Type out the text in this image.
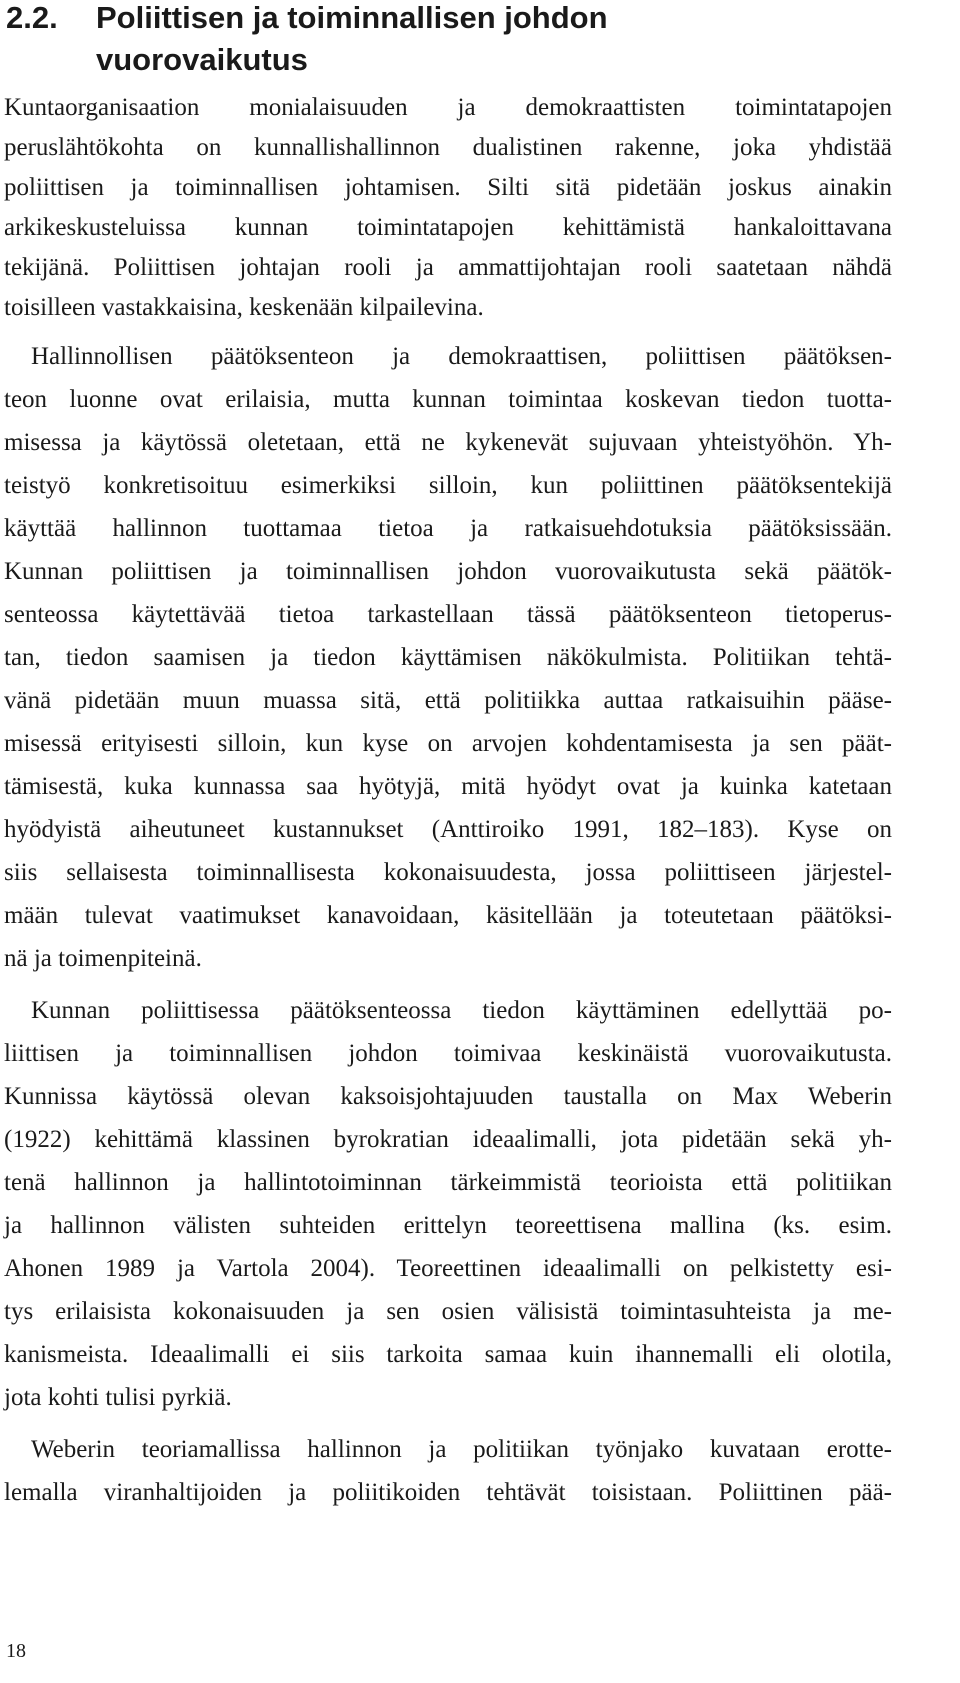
2.2. Poliittisen ja toiminnallisen johdon
vuorovaikutus
Kuntaorganisaation monialaisuuden ja demokraattisten toimintatapojen
peruslähtökohta on kunnallishallinnon dualistinen rakenne, joka yhdistää
poliittisen ja toiminnallisen johtamisen. Silti sitä pidetään joskus ainakin
arkikeskusteluissa kunnan toimintatapojen kehittämistä hankaloittavana
tekijänä. Poliittisen johtajan rooli ja ammattijohtajan rooli saatetaan nähdä
toisilleen vastakkaisina, keskenään kilpailevina.
Hallinnollisen päätöksenteon ja demokraattisen, poliittisen päätöksen-
teon luonne ovat erilaisia, mutta kunnan toimintaa koskevan tiedon tuotta-
misessa ja käytössä oletetaan, että ne kykenevät sujuvaan yhteistyöhön. Yh-
teistyö konkretisoituu esimerkiksi silloin, kun poliittinen päätöksentekijä
käyttää hallinnon tuottamaa tietoa ja ratkaisuehdotuksia päätöksissään.
Kunnan poliittisen ja toiminnallisen johdon vuorovaikutusta sekä päätök-
senteossa käytettävää tietoa tarkastellaan tässä päätöksenteon tietoperus-
tan, tiedon saamisen ja tiedon käyttämisen näkökulmista. Politiikan tehtä-
vänä pidetään muun muassa sitä, että politiikka auttaa ratkaisuihin pääse-
misessä erityisesti silloin, kun kyse on arvojen kohdentamisesta ja sen päät-
tämisestä, kuka kunnassa saa hyötyjä, mitä hyödyt ovat ja kuinka katetaan
hyödyistä aiheutuneet kustannukset (Anttiroiko 1991, 182–183). Kyse on
siis sellaisesta toiminnallisesta kokonaisuudesta, jossa poliittiseen järjestel-
mään tulevat vaatimukset kanavoidaan, käsitellään ja toteutetaan päätöksi-
nä ja toimenpiteinä.
Kunnan poliittisessa päätöksenteossa tiedon käyttäminen edellyttää po-
liittisen ja toiminnallisen johdon toimivaa keskinäistä vuorovaikutusta.
Kunnissa käytössä olevan kaksoisjohtajuuden taustalla on Max Weberin
(1922) kehittämä klassinen byrokratian ideaalimalli, jota pidetään sekä yh-
tenä hallinnon ja hallintotoiminnan tärkeimmistä teorioista että politiikan
ja hallinnon välisten suhteiden erittelyn teoreettisena mallina (ks. esim.
Ahonen 1989 ja Vartola 2004). Teoreettinen ideaalimalli on pelkistetty esi-
tys erilaisista kokonaisuuden ja sen osien välisistä toimintasuhteista ja me-
kanismeista. Ideaalimalli ei siis tarkoita samaa kuin ihannemalli eli olotila,
jota kohti tulisi pyrkiä.
Weberin teoriamallissa hallinnon ja politiikan työnjako kuvataan erotte-
lemalla viranhaltijoiden ja poliitikoiden tehtävät toisistaan. Poliittinen pää-
18
